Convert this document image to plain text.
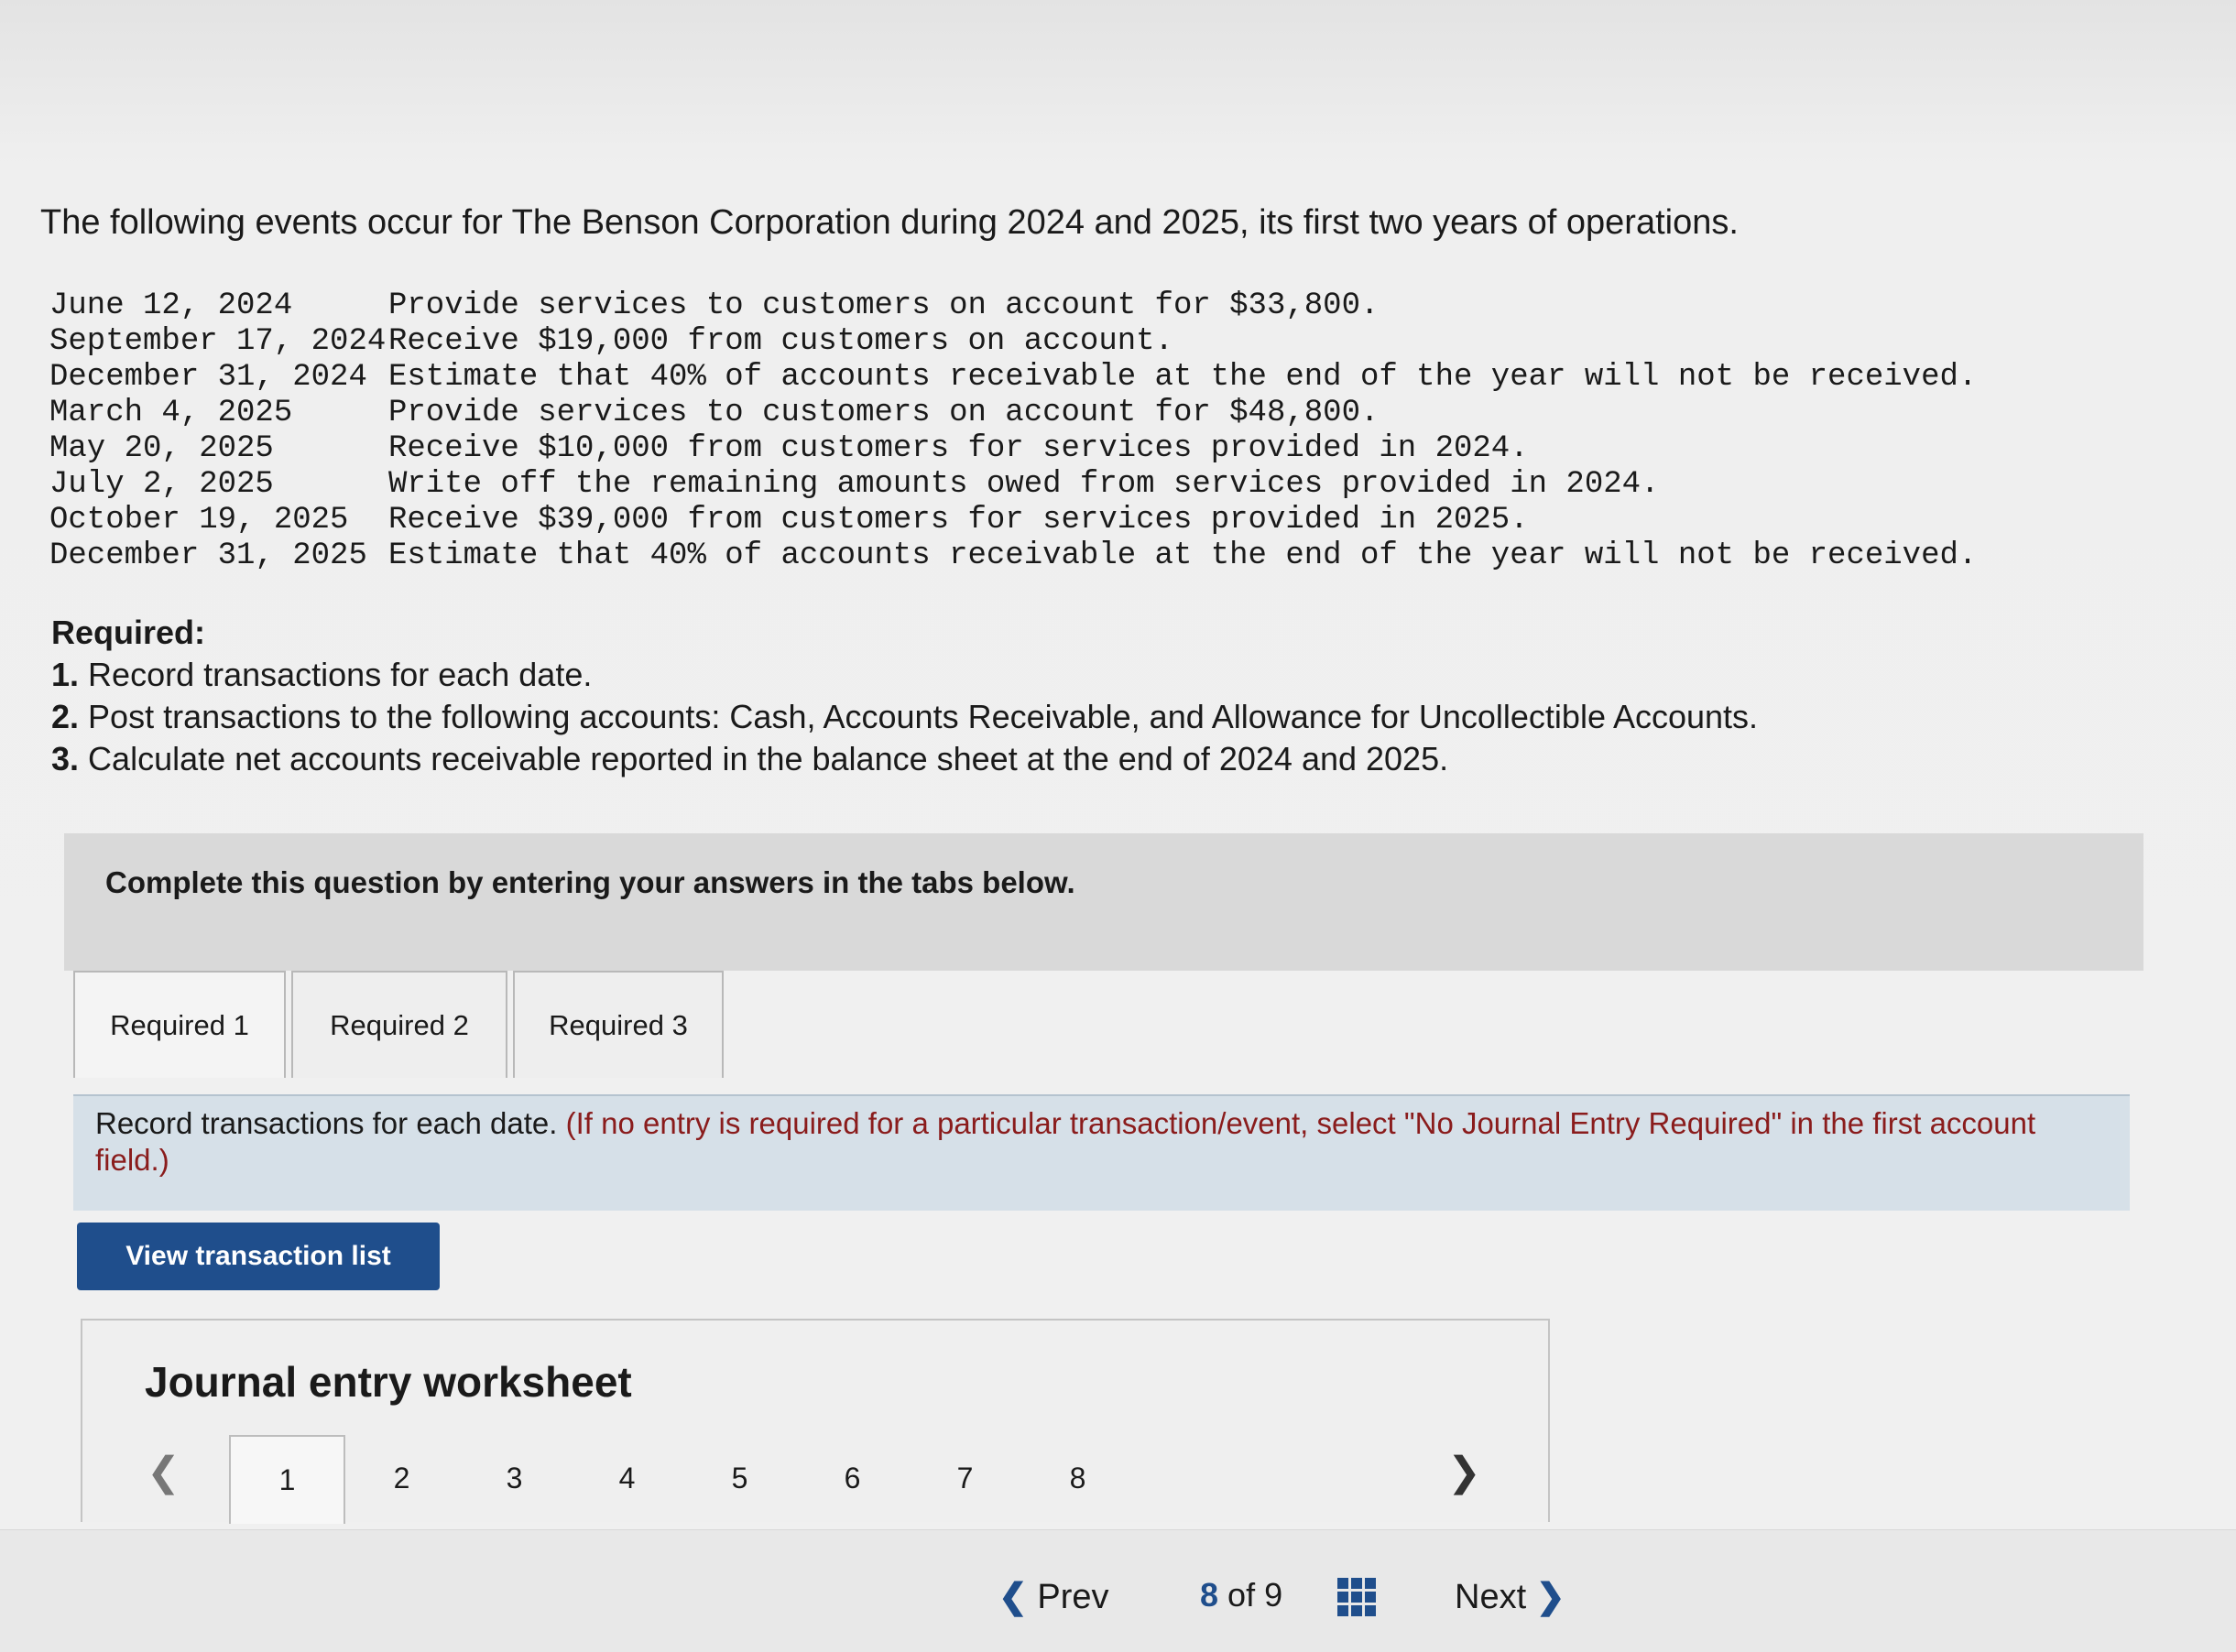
The following events occur for The Benson Corporation during 2024 and 2025, its first two years of operations.

June 12, 2024	Provide services to customers on account for $33,800.
September 17, 2024 Receive $19,000 from customers on account.
December 31, 2024 Estimate that 40% of accounts receivable at the end of the year will not be received.
March 4, 2025	Provide services to customers on account for $48,800.
May 20, 2025	Receive $10,000 from customers for services provided in 2024.
July 2, 2025	Write off the remaining amounts owed from services provided in 2024.
October 19, 2025	Receive $39,000 from customers for services provided in 2025.
December 31, 2025 Estimate that 40% of accounts receivable at the end of the year will not be received.
Required:
1. Record transactions for each date.
2. Post transactions to the following accounts: Cash, Accounts Receivable, and Allowance for Uncollectible Accounts.
3. Calculate net accounts receivable reported in the balance sheet at the end of 2024 and 2025.
Complete this question by entering your answers in the tabs below.
Required 1	Required 2	Required 3

Record transactions for each date. (If no entry is required for a particular transaction/event, select "No Journal Entry Required" in the first account field.)

View transaction list
Journal entry worksheet
❮	1	2	3	4	5	6	7	8	❯
❮ Prev	8 of 9	Next ❯
